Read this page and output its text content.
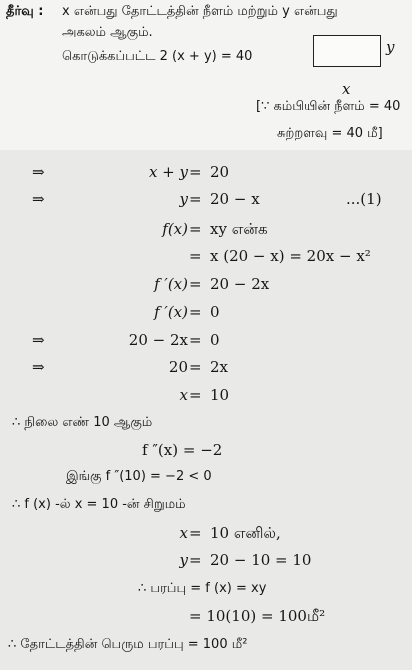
தீர்வு : x என்பது தோட்டத்தின் நீளம் மற்றும் y என்பது
அகலம் ஆகும்.
கொடுக்கப்பட்ட 2 (x + y) = 40
y
x
[∵ கம்பியின் நீளம் = 40
சுற்றளவு = 40 மீ]
⇒	x + y = 20
⇒	y = 20 − x	...(1)
f(x) = xy என்க
= x (20 − x) = 20x − x²
f ′(x) = 20 − 2x
f ′(x) = 0
⇒	20 − 2x = 0
⇒	20 = 2x
x = 10
∴ நிலை எண் 10 ஆகும்
f ″(x) = −2
இங்கு f ″(10) = −2 < 0
∴ f (x) -ல் x = 10 -ன் சிறுமம்
x = 10 எனில்,
y = 20 − 10 = 10
∴ பரப்பு = f (x) = xy
= 10(10) = 100மீ²
∴ தோட்டத்தின் பெரும பரப்பு = 100 மீ²
